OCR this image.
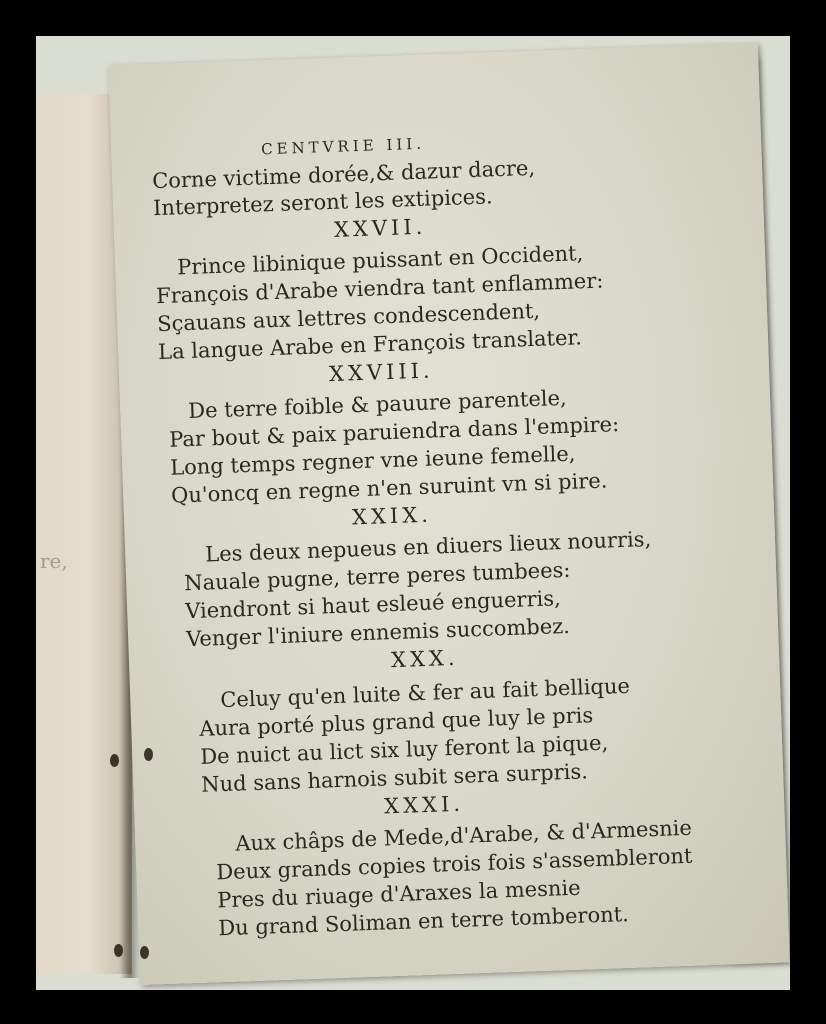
re,
CENTVRIE III.
Corne victime dorée,& dazur dacre,
Interpretez seront les extipices.
XXVII.
Prince libinique puissant en Occident,
François d'Arabe viendra tant enflammer:
Sçauans aux lettres condescendent,
La langue Arabe en François translater.
XXVIII.
De terre foible & pauure parentele,
Par bout & paix paruiendra dans l'empire:
Long temps regner vne ieune femelle,
Qu'oncq en regne n'en suruint vn si pire.
XXIX.
Les deux nepueus en diuers lieux nourris,
Nauale pugne, terre peres tumbees:
Viendront si haut esleué enguerris,
Venger l'iniure ennemis succombez.
XXX.
Celuy qu'en luite & fer au fait bellique
Aura porté plus grand que luy le pris
De nuict au lict six luy feront la pique,
Nud sans harnois subit sera surpris.
XXXI.
Aux châps de Mede,d'Arabe, & d'Armesnie
Deux grands copies trois fois s'assembleront
Pres du riuage d'Araxes la mesnie
Du grand Soliman en terre tomberont.
